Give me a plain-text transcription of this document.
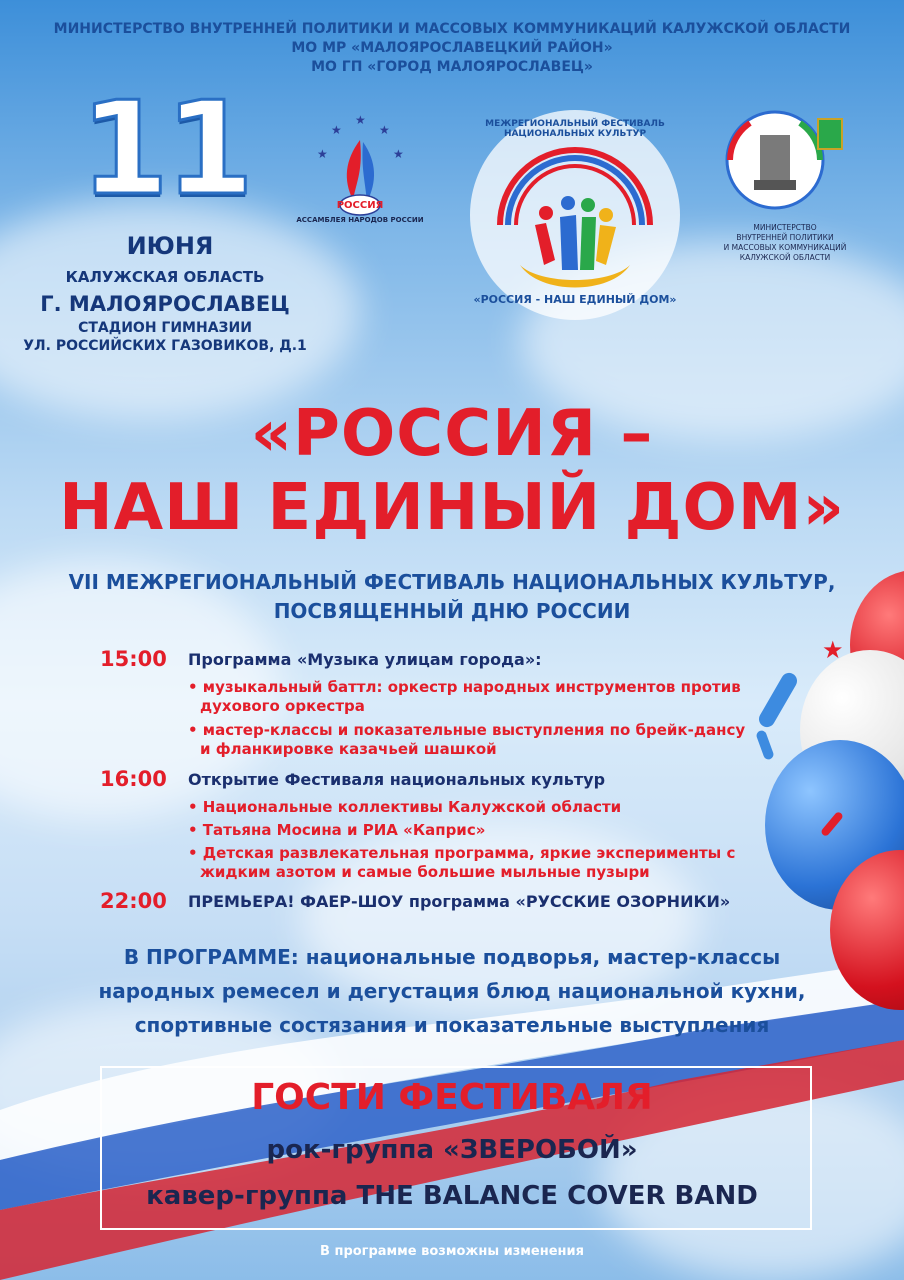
★
МИНИСТЕРСТВО ВНУТРЕННЕЙ ПОЛИТИКИ И МАССОВЫХ КОММУНИКАЦИЙ КАЛУЖСКОЙ ОБЛАСТИ
МО МР «МАЛОЯРОСЛАВЕЦКИЙ РАЙОН»
МО ГП «ГОРОД МАЛОЯРОСЛАВЕЦ»
11
ИЮНЯ
КАЛУЖСКАЯ ОБЛАСТЬ
Г. МАЛОЯРОСЛАВЕЦ
СТАДИОН ГИМНАЗИИ
УЛ. РОССИЙСКИХ ГАЗОВИКОВ, Д.1
★
★	★
★	★
РОССИЯ
АССАМБЛЕЯ НАРОДОВ РОССИИ
МЕЖРЕГИОНАЛЬНЫЙ ФЕСТИВАЛЬ НАЦИОНАЛЬНЫХ КУЛЬТУР
«РОССИЯ - НАШ ЕДИНЫЙ ДОМ»
МИНИСТЕРСТВО
ВНУТРЕННЕЙ ПОЛИТИКИ
И МАССОВЫХ КОММУНИКАЦИЙ
КАЛУЖСКОЙ ОБЛАСТИ
«РОССИЯ –
НАШ ЕДИНЫЙ ДОМ»
VII МЕЖРЕГИОНАЛЬНЫЙ ФЕСТИВАЛЬ НАЦИОНАЛЬНЫХ КУЛЬТУР,
ПОСВЯЩЕННЫЙ ДНЮ РОССИИ
15:00 Программа «Музыка улицам города»:
• музыкальный баттл: оркестр народных инструментов против
духового оркестра
• мастер-классы и показательные выступления по брейк-дансу
и фланкировке казачьей шашкой
16:00 Открытие Фестиваля национальных культур
• Национальные коллективы Калужской области
• Татьяна Мосина и РИА «Каприс»
• Детская развлекательная программа, яркие эксперименты с
жидким азотом и самые большие мыльные пузыри
22:00 ПРЕМЬЕРА! ФАЕР-ШОУ программа «РУССКИЕ ОЗОРНИКИ»
В ПРОГРАММЕ: национальные подворья, мастер-классы
народных ремесел и дегустация блюд национальной кухни,
спортивные состязания и показательные выступления
ГОСТИ ФЕСТИВАЛЯ
рок-группа «ЗВЕРОБОЙ»
кавер-группа THE BALANCE COVER BAND
В программе возможны изменения
